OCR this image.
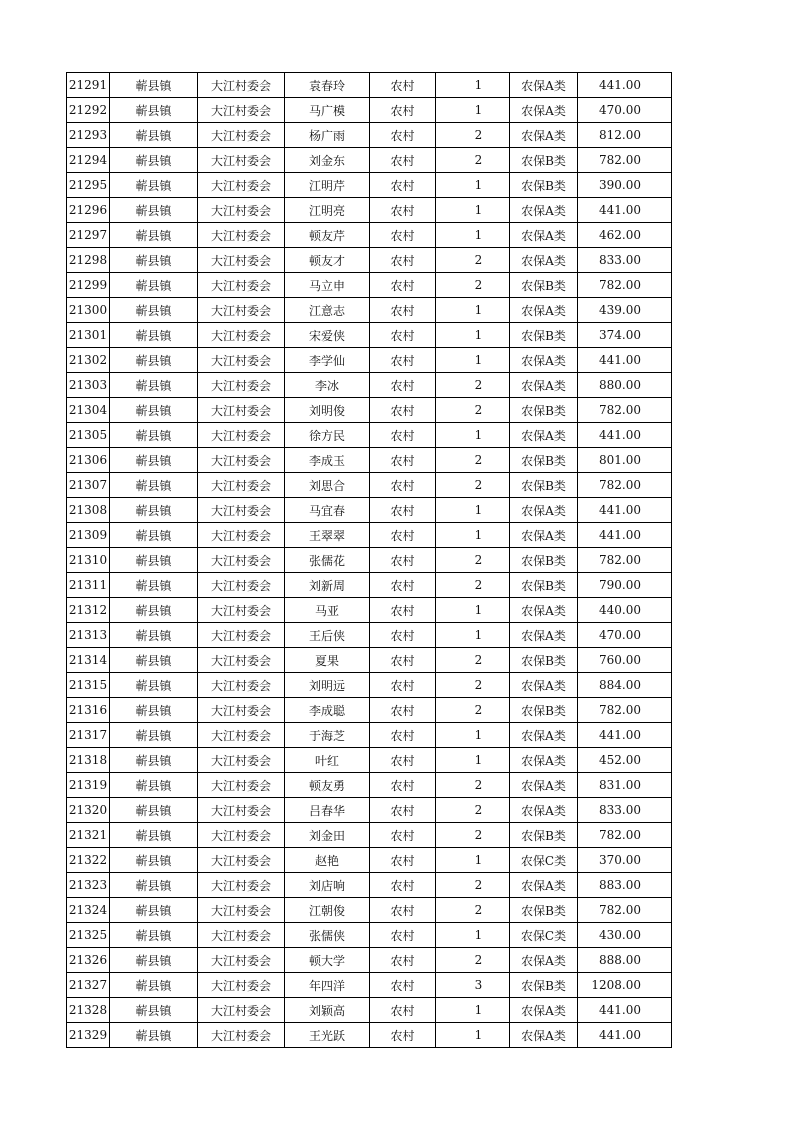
21291	蕲县镇	大江村委会	袁春玲	农村	1	农保A类	441.00
21292	蕲县镇	大江村委会	马广模	农村	1	农保A类	470.00
21293	蕲县镇	大江村委会	杨广雨	农村	2	农保A类	812.00
21294	蕲县镇	大江村委会	刘金东	农村	2	农保B类	782.00
21295	蕲县镇	大江村委会	江明芹	农村	1	农保B类	390.00
21296	蕲县镇	大江村委会	江明亮	农村	1	农保A类	441.00
21297	蕲县镇	大江村委会	顿友芹	农村	1	农保A类	462.00
21298	蕲县镇	大江村委会	顿友才	农村	2	农保A类	833.00
21299	蕲县镇	大江村委会	马立申	农村	2	农保B类	782.00
21300	蕲县镇	大江村委会	江意志	农村	1	农保A类	439.00
21301	蕲县镇	大江村委会	宋爱侠	农村	1	农保B类	374.00
21302	蕲县镇	大江村委会	李学仙	农村	1	农保A类	441.00
21303	蕲县镇	大江村委会	李冰	农村	2	农保A类	880.00
21304	蕲县镇	大江村委会	刘明俊	农村	2	农保B类	782.00
21305	蕲县镇	大江村委会	徐方民	农村	1	农保A类	441.00
21306	蕲县镇	大江村委会	李成玉	农村	2	农保B类	801.00
21307	蕲县镇	大江村委会	刘思合	农村	2	农保B类	782.00
21308	蕲县镇	大江村委会	马宜春	农村	1	农保A类	441.00
21309	蕲县镇	大江村委会	王翠翠	农村	1	农保A类	441.00
21310	蕲县镇	大江村委会	张儒花	农村	2	农保B类	782.00
21311	蕲县镇	大江村委会	刘新周	农村	2	农保B类	790.00
21312	蕲县镇	大江村委会	马亚	农村	1	农保A类	440.00
21313	蕲县镇	大江村委会	王后侠	农村	1	农保A类	470.00
21314	蕲县镇	大江村委会	夏果	农村	2	农保B类	760.00
21315	蕲县镇	大江村委会	刘明远	农村	2	农保A类	884.00
21316	蕲县镇	大江村委会	李成聪	农村	2	农保B类	782.00
21317	蕲县镇	大江村委会	于海芝	农村	1	农保A类	441.00
21318	蕲县镇	大江村委会	叶红	农村	1	农保A类	452.00
21319	蕲县镇	大江村委会	顿友勇	农村	2	农保A类	831.00
21320	蕲县镇	大江村委会	吕春华	农村	2	农保A类	833.00
21321	蕲县镇	大江村委会	刘金田	农村	2	农保B类	782.00
21322	蕲县镇	大江村委会	赵艳	农村	1	农保C类	370.00
21323	蕲县镇	大江村委会	刘店响	农村	2	农保A类	883.00
21324	蕲县镇	大江村委会	江朝俊	农村	2	农保B类	782.00
21325	蕲县镇	大江村委会	张儒侠	农村	1	农保C类	430.00
21326	蕲县镇	大江村委会	顿大学	农村	2	农保A类	888.00
21327	蕲县镇	大江村委会	年四洋	农村	3	农保B类	1208.00
21328	蕲县镇	大江村委会	刘颖高	农村	1	农保A类	441.00
21329	蕲县镇	大江村委会	王光跃	农村	1	农保A类	441.00
